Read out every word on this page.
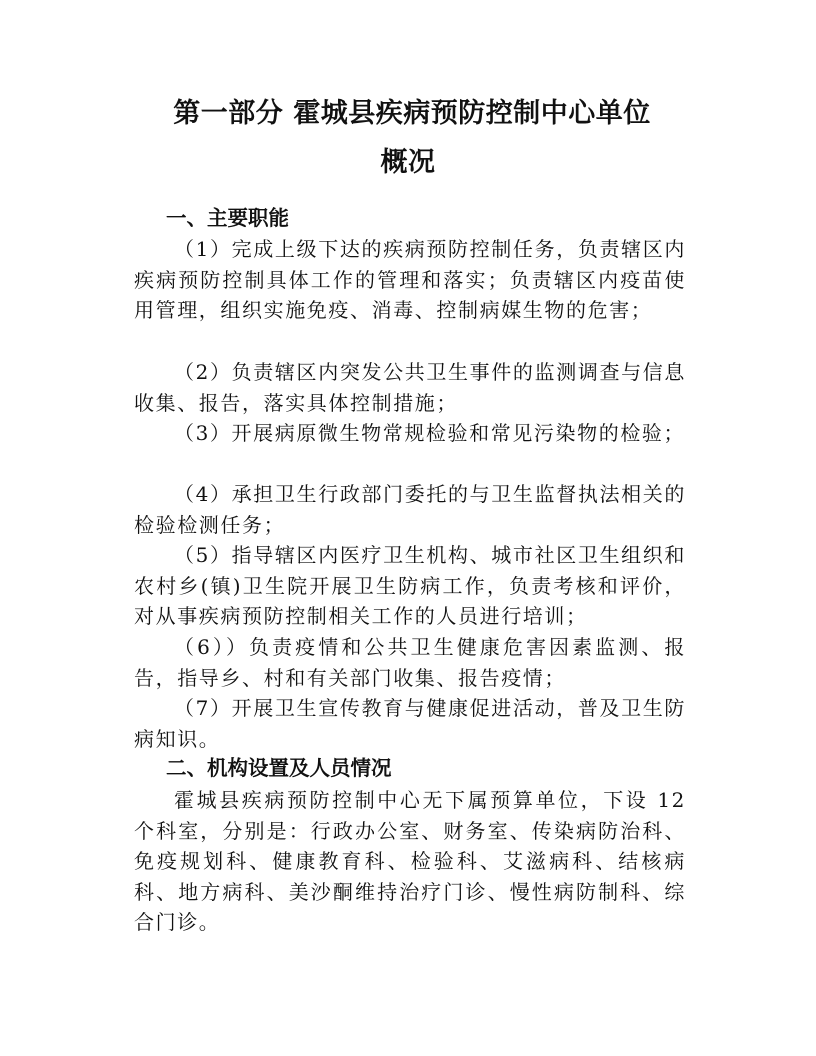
第一部分 霍城县疾病预防控制中心单位
概况
一、主要职能

（1）完成上级下达的疾病预防控制任务，负责辖区内疾病预防控制具体工作的管理和落实；负责辖区内疫苗使用管理，组织实施免疫、消毒、控制病媒生物的危害；

（2）负责辖区内突发公共卫生事件的监测调查与信息收集、报告，落实具体控制措施；

（3）开展病原微生物常规检验和常见污染物的检验；

（4）承担卫生行政部门委托的与卫生监督执法相关的检验检测任务；

（5）指导辖区内医疗卫生机构、城市社区卫生组织和农村乡(镇)卫生院开展卫生防病工作，负责考核和评价，对从事疾病预防控制相关工作的人员进行培训；

（6））负责疫情和公共卫生健康危害因素监测、报告，指导乡、村和有关部门收集、报告疫情；

（7）开展卫生宣传教育与健康促进活动，普及卫生防病知识。

二、机构设置及人员情况

霍城县疾病预防控制中心无下属预算单位，下设 12 个科室，分别是：行政办公室、财务室、传染病防治科、免疫规划科、健康教育科、检验科、艾滋病科、结核病科、地方病科、美沙酮维持治疗门诊、慢性病防制科、综合门诊。
